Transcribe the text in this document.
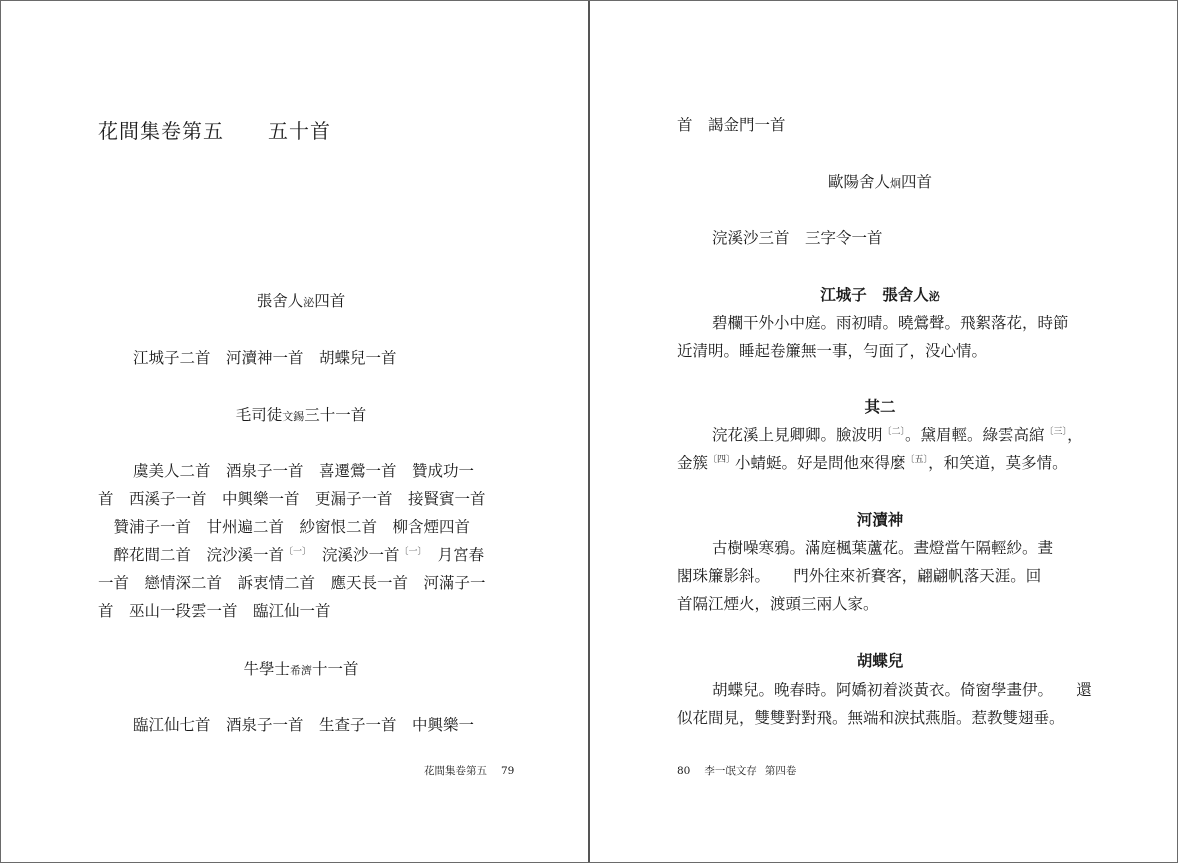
花間集卷第五 五十首
張舍人泌四首
江城子二首　河瀆神一首　胡蝶兒一首
毛司徒文錫三十一首
虞美人二首　酒泉子一首　喜遷鶯一首　贊成功一
首　西溪子一首　中興樂一首　更漏子一首　接賢賓一首
　贊浦子一首　甘州遍二首　紗窗恨二首　柳含煙四首
　醉花間二首　浣沙溪一首$^{〔一〕}$　浣溪沙一首$^{〔一〕}$　月宮春
一首　戀情深二首　訴衷情二首　應天長一首　河滿子一
首　巫山一段雲一首　臨江仙一首
牛學士希濟十一首
臨江仙七首　酒泉子一首　生查子一首　中興樂一
花間集卷第五 79
首　謁金門一首
歐陽舍人炯四首
浣溪沙三首　三字令一首
江城子　張舍人泌
碧欄干外小中庭。雨初晴。曉鶯聲。飛絮落花，時節
近清明。睡起卷簾無一事，勻面了，没心情。
其二
浣花溪上見卿卿。臉波明$^{〔二〕}$。黛眉輕。綠雲高綰$^{〔三〕}$，
金簇$^{〔四〕}$小蜻蜓。好是問他來得麼$^{〔五〕}$，和笑道，莫多情。
河瀆神
古樹噪寒鴉。滿庭楓葉蘆花。晝燈當午隔輕紗。晝
閣珠簾影斜。　　門外往來祈賽客，翩翩帆落天涯。回
首隔江煙火，渡頭三兩人家。
胡蝶兒
胡蝶兒。晚春時。阿嬌初着淡黃衣。倚窗學畫伊。　　還
似花間見，雙雙對對飛。無端和淚拭燕脂。惹教雙翅垂。
80 李一氓文存 第四卷
